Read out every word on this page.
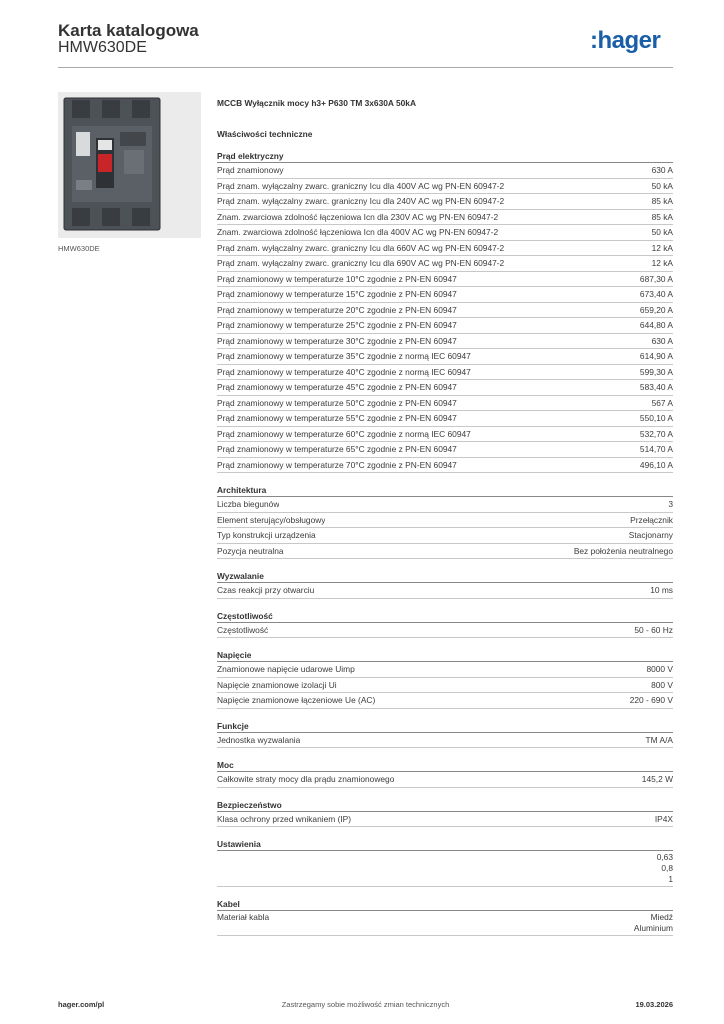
Karta katalogowa
HMW630DE	:hager
HMW630DE
MCCB Wyłącznik mocy h3+ P630 TM 3x630A 50kA
Właściwości techniczne
Prąd elektryczny
Prąd znamionowy	630 A
Prąd znam. wyłączalny zwarc. graniczny Icu dla 400V AC wg PN-EN 60947-2	50 kA
Prąd znam. wyłączalny zwarc. graniczny Icu dla 240V AC wg PN-EN 60947-2	85 kA
Znam. zwarciowa zdolność łączeniowa Icn dla 230V AC wg PN-EN 60947-2	85 kA
Znam. zwarciowa zdolność łączeniowa Icn dla 400V AC wg PN-EN 60947-2	50 kA
Prąd znam. wyłączalny zwarc. graniczny Icu dla 660V AC wg PN-EN 60947-2	12 kA
Prąd znam. wyłączalny zwarc. graniczny Icu dla 690V AC wg PN-EN 60947-2	12 kA
Prąd znamionowy w temperaturze 10°C zgodnie z PN-EN 60947	687,30 A
Prąd znamionowy w temperaturze 15°C zgodnie z PN-EN 60947	673,40 A
Prąd znamionowy w temperaturze 20°C zgodnie z PN-EN 60947	659,20 A
Prąd znamionowy w temperaturze 25°C zgodnie z PN-EN 60947	644,80 A
Prąd znamionowy w temperaturze 30°C zgodnie z PN-EN 60947	630 A
Prąd znamionowy w temperaturze 35°C zgodnie z normą IEC 60947	614,90 A
Prąd znamionowy w temperaturze 40°C zgodnie z normą IEC 60947	599,30 A
Prąd znamionowy w temperaturze 45°C zgodnie z PN-EN 60947	583,40 A
Prąd znamionowy w temperaturze 50°C zgodnie z PN-EN 60947	567 A
Prąd znamionowy w temperaturze 55°C zgodnie z PN-EN 60947	550,10 A
Prąd znamionowy w temperaturze 60°C zgodnie z normą IEC 60947	532,70 A
Prąd znamionowy w temperaturze 65°C zgodnie z PN-EN 60947	514,70 A
Prąd znamionowy w temperaturze 70°C zgodnie z PN-EN 60947	496,10 A
Architektura
Liczba biegunów	3
Element sterujący/obsługowy	Przełącznik
Typ konstrukcji urządzenia	Stacjonarny
Pozycja neutralna	Bez położenia neutralnego
Wyzwalanie
Czas reakcji przy otwarciu	10 ms
Częstotliwość
Częstotliwość	50 - 60 Hz
Napięcie
Znamionowe napięcie udarowe Uimp	8000 V
Napięcie znamionowe izolacji Ui	800 V
Napięcie znamionowe łączeniowe Ue (AC)	220 - 690 V
Funkcje
Jednostka wyzwalania	TM A/A
Moc
Całkowite straty mocy dla prądu znamionowego	145,2 W
Bezpieczeństwo
Klasa ochrony przed wnikaniem (IP)	IP4X
Ustawienia
0,63
0,8
1
Kabel
Materiał kabla	Miedź
Aluminium
hager.com/pl	Zastrzegamy sobie możliwość zmian technicznych	19.03.2026
